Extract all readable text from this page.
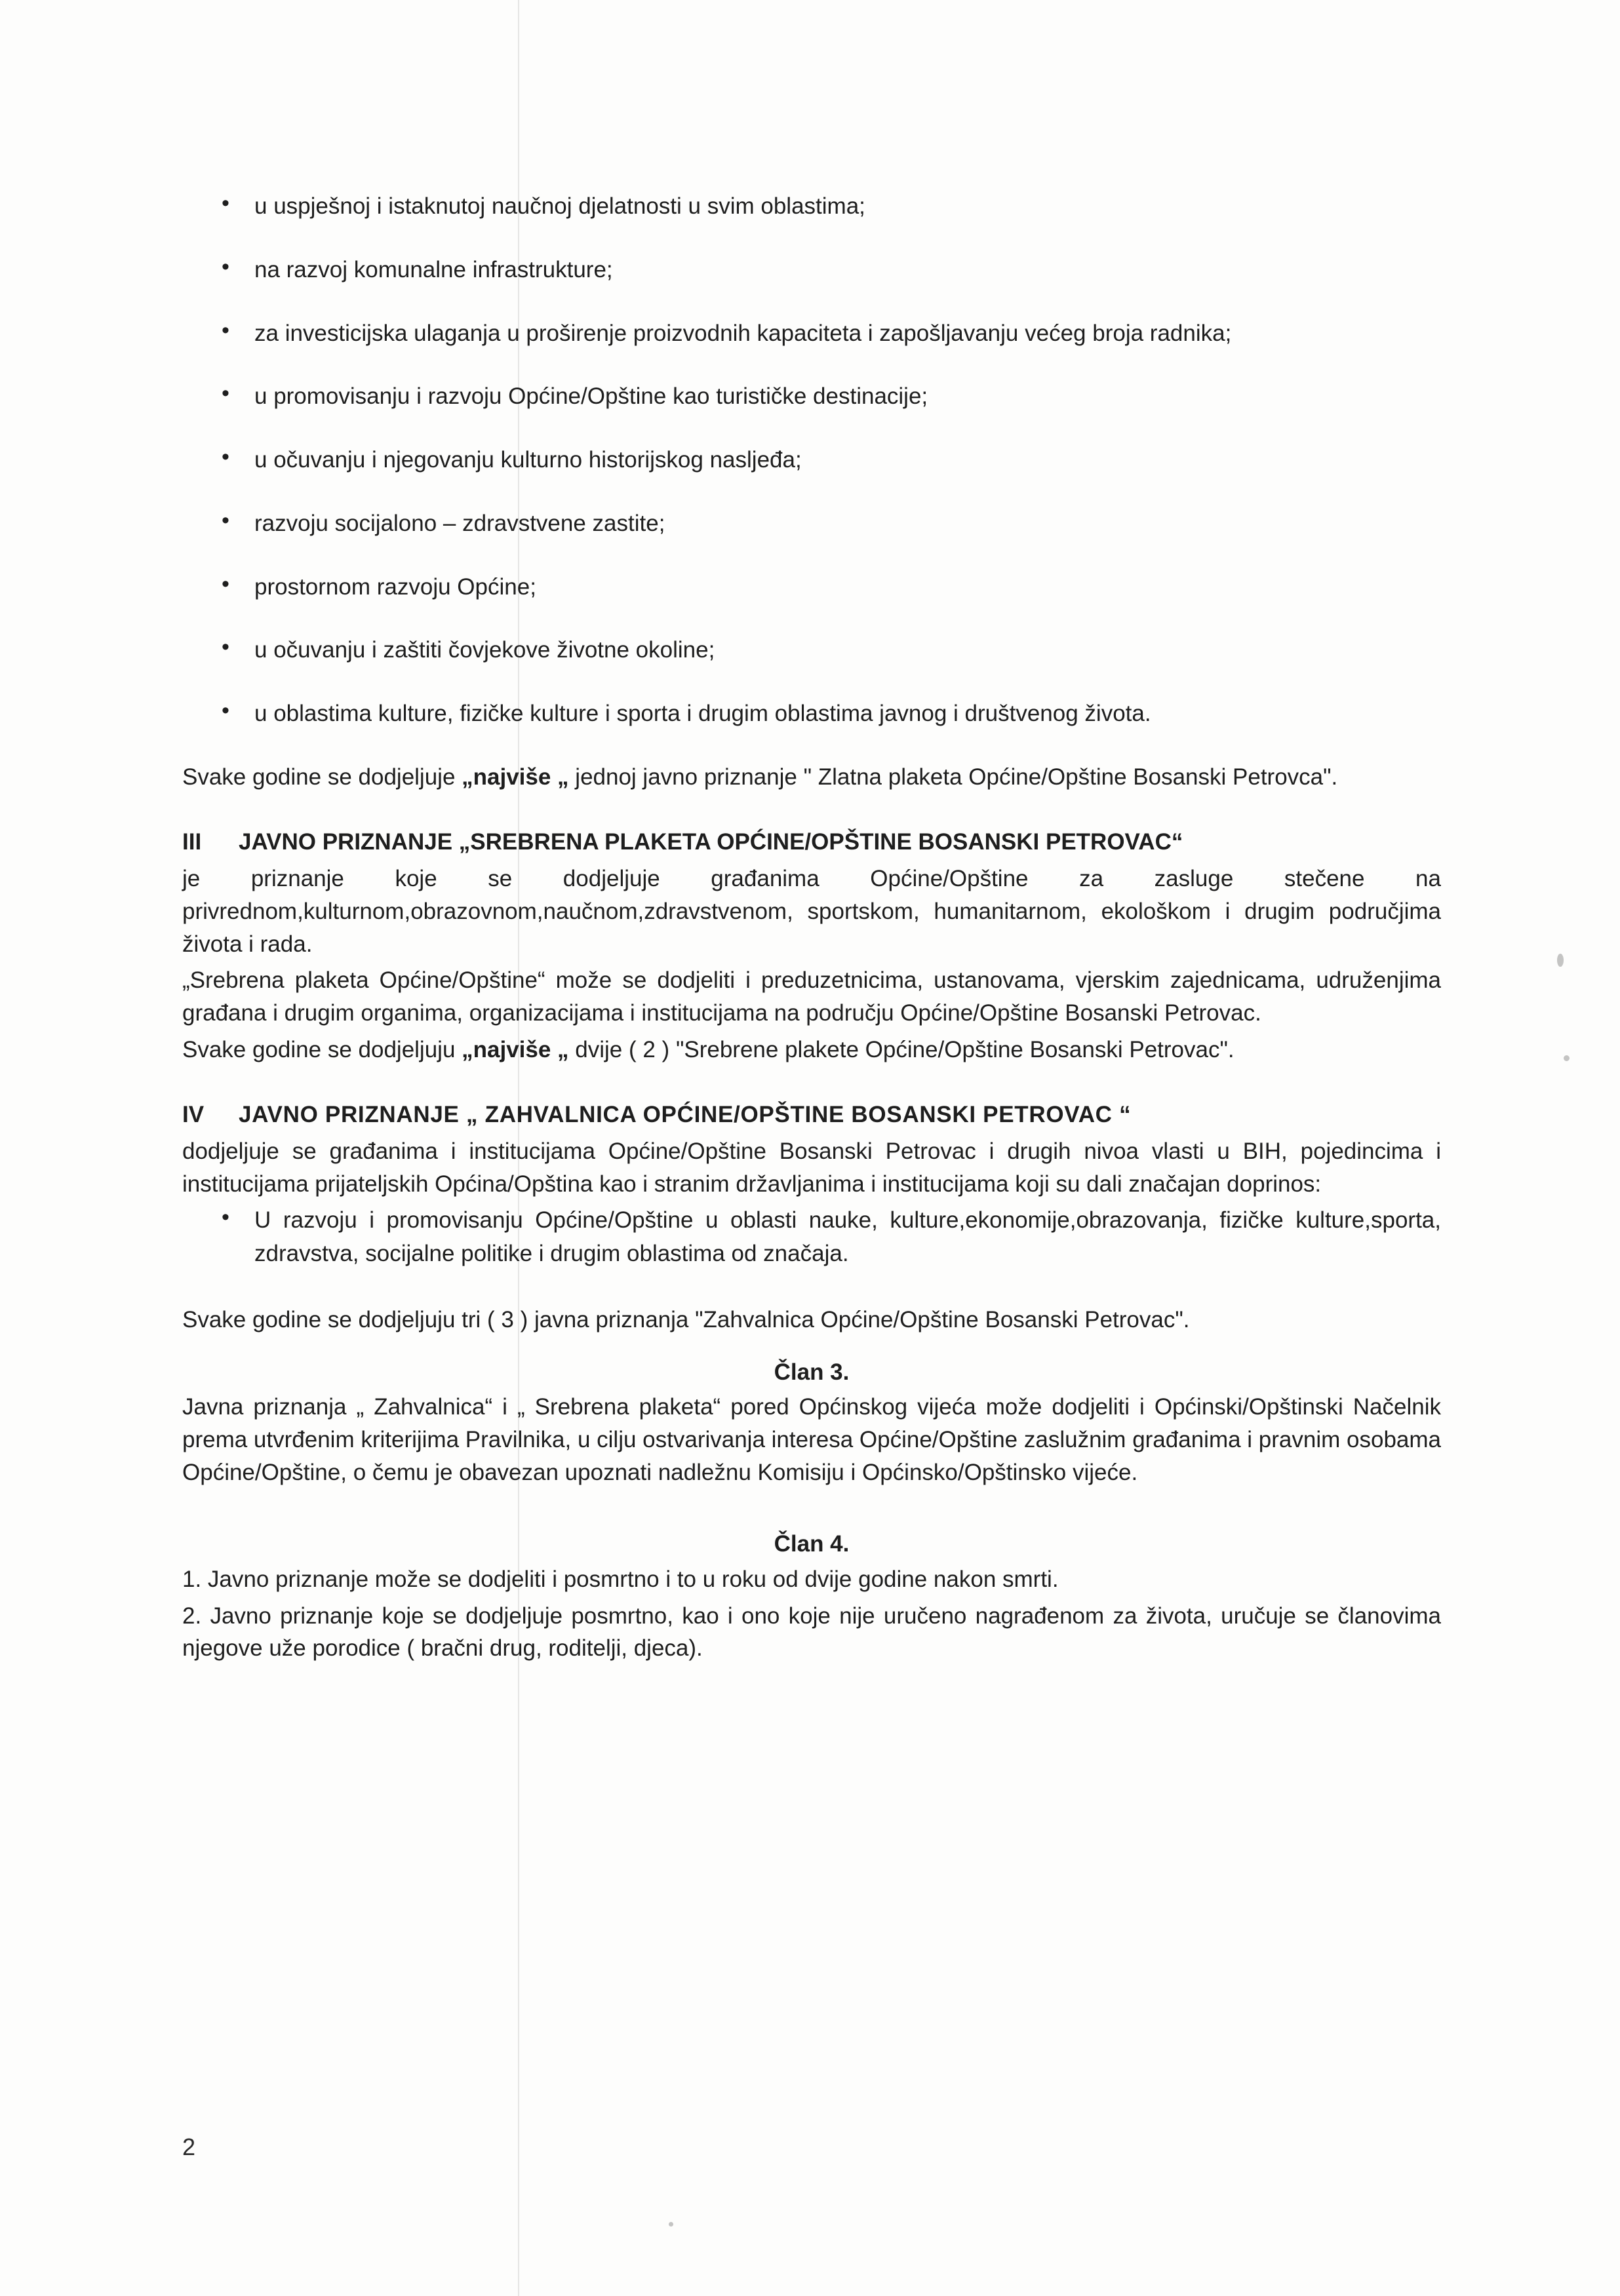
• u uspješnoj i istaknutoj naučnoj djelatnosti u svim oblastima;
• na razvoj komunalne infrastrukture;
• za investicijska ulaganja u proširenje proizvodnih kapaciteta i zapošljavanju većeg broja radnika;
• u promovisanju i razvoju Općine/Opštine kao turističke destinacije;
• u očuvanju i njegovanju kulturno historijskog naslјeđa;
• razvoju socijalono – zdravstvene zastite;
• prostornom razvoju Općine;
• u očuvanju i zaštiti čovjekove životne okoline;
• u oblastima kulture, fizičke kulture i sporta i drugim oblastima javnog i društvenog života.

Svake godine se dodjeljuje „najviše „ jednoj javno priznanje " Zlatna plaketa Općine/Opštine Bosanski Petrovca".

III JAVNO PRIZNANJE „SREBRENA PLAKETA OPĆINE/OPŠTINE BOSANSKI PETROVAC“

je priznanje koje se dodjeljuje građanima Općine/Opštine za zasluge stečene na privrednom,kulturnom,obrazovnom,naučnom,zdravstvenom, sportskom, humanitarnom, ekološkom i drugim područjima života i rada.

„Srebrena plaketa Općine/Opštine“ može se dodjeliti i preduzetnicima, ustanovama, vjerskim zajednicama, udruženjima građana i drugim organima, organizacijama i institucijama na području Općine/Opštine Bosanski Petrovac.

Svake godine se dodjeljuju „najviše „ dvije ( 2 ) "Srebrene plakete Općine/Opštine Bosanski Petrovac".

IV JAVNO PRIZNANJE „ ZAHVALNICA OPĆINE/OPŠTINE BOSANSKI PETROVAC “

dodjeljuje se građanima i institucijama Općine/Opštine Bosanski Petrovac i drugih nivoa vlasti u BIH, pojedincima i institucijama prijateljskih Općina/Opština kao i stranim državljanima i institucijama koji su dali značajan doprinos:

• U razvoju i promovisanju Općine/Opštine u oblasti nauke, kulture,ekonomije,obrazovanja, fizičke kulture,sporta, zdravstva, socijalne politike i drugim oblastima od značaja.

Svake godine se dodjeljuju tri ( 3 ) javna priznanja "Zahvalnica Općine/Opštine Bosanski Petrovac".

Član 3.

Javna priznanja „ Zahvalnica“ i „ Srebrena plaketa“ pored Općinskog vijeća može dodjeliti i Općinski/Opštinski Načelnik prema utvrđenim kriterijima Pravilnika, u cilju ostvarivanja interesa Općine/Opštine zaslužnim građanima i pravnim osobama Općine/Opštine, o čemu je obavezan upoznati nadležnu Komisiju i Općinsko/Opštinsko vijeće.

Član 4.

1. Javno priznanje može se dodjeliti i posmrtno i to u roku od dvije godine nakon smrti.

2. Javno priznanje koje se dodjeljuje posmrtno, kao i ono koje nije uručeno nagrađenom za života, uručuje se članovima njegove uže porodice ( bračni drug, roditelji, djeca).

2
